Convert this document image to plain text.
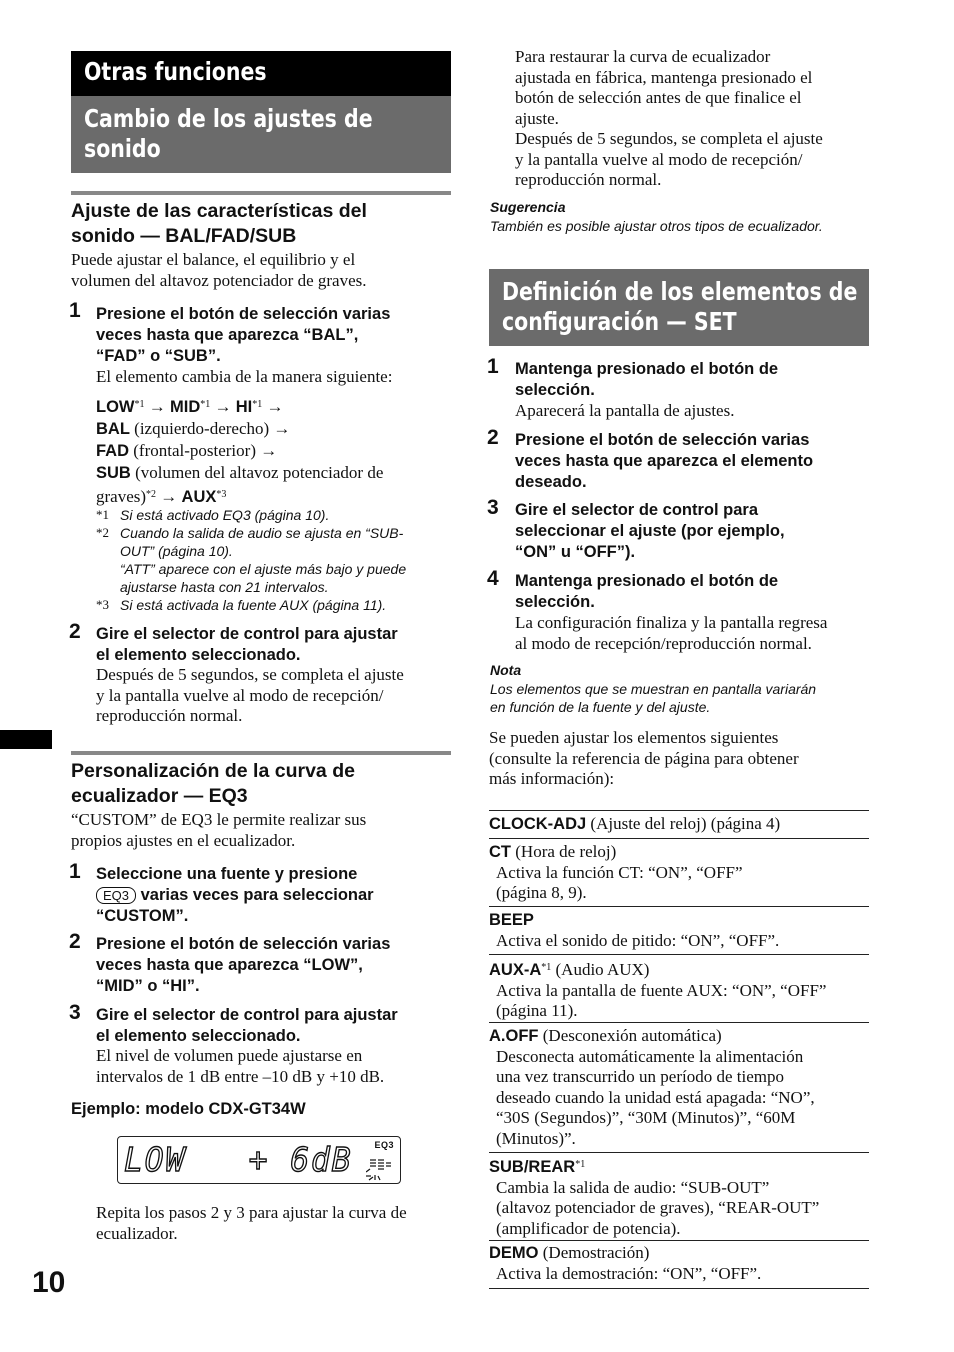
Otras funciones
Cambio de los ajustes de
sonido
Ajuste de las características del
sonido — BAL/FAD/SUB
Puede ajustar el balance, el equilibrio y el
volumen del altavoz potenciador de graves.
1 Presione el botón de selección varias
veces hasta que aparezca “BAL”,
“FAD” o “SUB”.
El elemento cambia de la manera siguiente:
$LOW^{*1} \to MID^{*1} \to HI^{*1}$ →
BAL (izquierdo-derecho) →
FAD (frontal-posterior) →
SUB (volumen del altavoz potenciador de
graves)$^{*2}$ → $AUX^{*3}$
*1 Si está activado EQ3 (página 10).
*2 Cuando la salida de audio se ajusta en “SUB-
OUT” (página 10).
“ATT” aparece con el ajuste más bajo y puede
ajustarse hasta con 21 intervalos.
*3 Si está activada la fuente AUX (página 11).
2 Gire el selector de control para ajustar
el elemento seleccionado.
Después de 5 segundos, se completa el ajuste
y la pantalla vuelve al modo de recepción/
reproducción normal.
Personalización de la curva de
ecualizador — EQ3
“CUSTOM” de EQ3 le permite realizar sus
propios ajustes en el ecualizador.
1 Seleccione una fuente y presione
EQ3 varias veces para seleccionar
“CUSTOM”.
2 Presione el botón de selección varias
veces hasta que aparezca “LOW”,
“MID” o “HI”.
3 Gire el selector de control para ajustar
el elemento seleccionado.
El nivel de volumen puede ajustarse en
intervalos de 1 dB entre –10 dB y +10 dB.
Ejemplo: modelo CDX-GT34W
LOW   + 6dB EQ3
Repita los pasos 2 y 3 para ajustar la curva de
ecualizador.
10
Para restaurar la curva de ecualizador
ajustada en fábrica, mantenga presionado el
botón de selección antes de que finalice el
ajuste.
Después de 5 segundos, se completa el ajuste
y la pantalla vuelve al modo de recepción/
reproducción normal.
Sugerencia
También es posible ajustar otros tipos de ecualizador.
Definición de los elementos de
configuración — SET
1 Mantenga presionado el botón de
selección.
Aparecerá la pantalla de ajustes.
2 Presione el botón de selección varias
veces hasta que aparezca el elemento
deseado.
3 Gire el selector de control para
seleccionar el ajuste (por ejemplo,
“ON” u “OFF”).
4 Mantenga presionado el botón de
selección.
La configuración finaliza y la pantalla regresa
al modo de recepción/reproducción normal.
Nota
Los elementos que se muestran en pantalla variarán
en función de la fuente y del ajuste.
Se pueden ajustar los elementos siguientes
(consulte la referencia de página para obtener
más información):
CLOCK-ADJ (Ajuste del reloj) (página 4)
CT (Hora de reloj)
Activa la función CT: “ON”, “OFF”
(página 8, 9).
BEEP
Activa el sonido de pitido: “ON”, “OFF”.
AUX-$A^{*1}$ (Audio AUX)
Activa la pantalla de fuente AUX: “ON”, “OFF”
(página 11).
A.OFF (Desconexión automática)
Desconecta automáticamente la alimentación
una vez transcurrido un período de tiempo
deseado cuando la unidad está apagada: “NO”,
“30S (Segundos)”, “30M (Minutos)”, “60M
(Minutos)”.
SUB/REAR$^{*1}$
Cambia la salida de audio: “SUB-OUT”
(altavoz potenciador de graves), “REAR-OUT”
(amplificador de potencia).
DEMO (Demostración)
Activa la demostración: “ON”, “OFF”.
